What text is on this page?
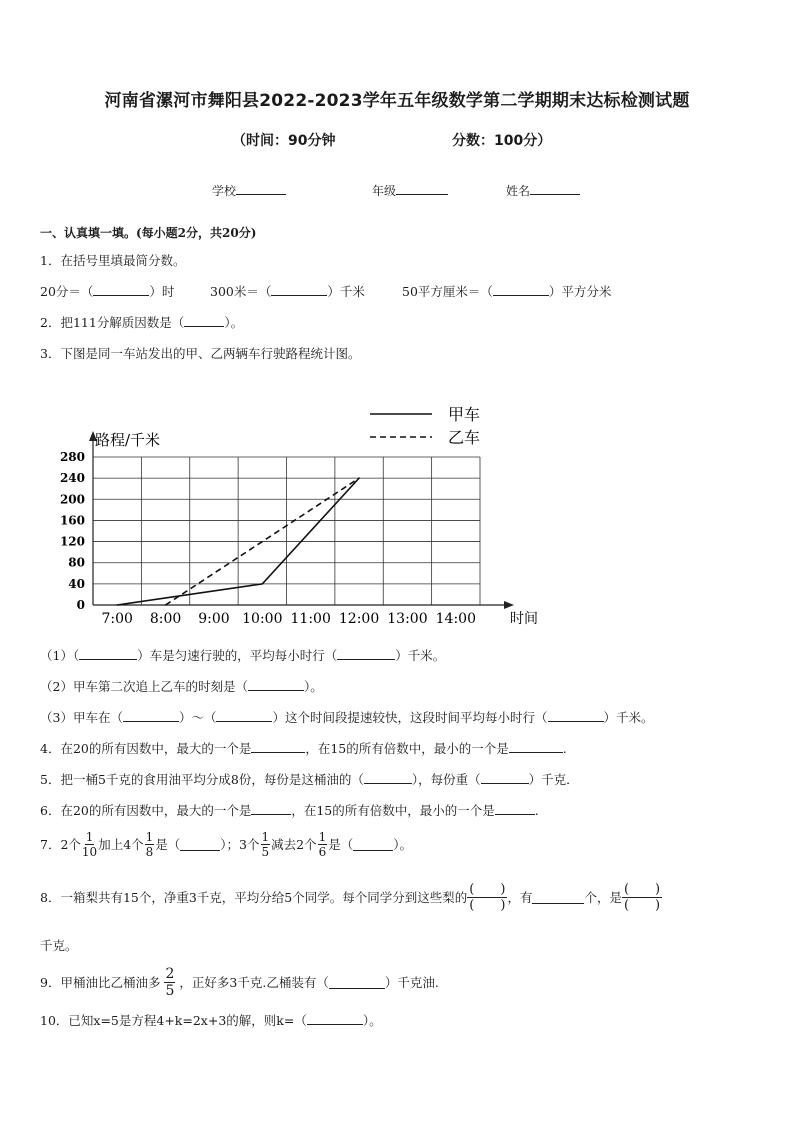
河南省漯河市舞阳县2022-2023学年五年级数学第二学期期末达标检测试题
（时间：90分钟	分数：100分）
学校	年级	姓名
一、认真填一填。(每小题2分，共20分)
1．在括号里填最简分数。
20分＝（	）时	300米＝（	）千米	50平方厘米＝（	）平方分米
2．把111分解质因数是（	）。
3．下图是同一车站发出的甲、乙两辆车行驶路程统计图。
0
40
80
120
160
200
240
280
7:00 8:00 9:00 10:00 11:00 12:00 13:00 14:00
路程/千米
时间
甲车
乙车
（1）（	）车是匀速行驶的，平均每小时行（	）千米。
（2）甲车第二次追上乙车的时刻是（	）。
（3）甲车在（	）～（	）这个时间段提速较快，这段时间平均每小时行（	）千米。
4．在20的所有因数中，最大的一个是	，在15的所有倍数中，最小的一个是	.
5．把一桶5千克的食用油平均分成8份，每份是这桶油的（	），每份重（	）千克．
6．在20的所有因数中，最大的一个是	，在15的所有倍数中，最小的一个是	.
7．2个 $\frac{1}{10}$ 加上4个 $\frac{1}{8}$ 是（	）；3个 $\frac{1}{5}$ 减去2个 $\frac{1}{6}$ 是（	）。
8．一箱梨共有15个，净重3千克，平均分给5个同学。每个同学分到这些梨的
(　　)
(　　) ，有	个，是
(　　)
(　　)
千克。
9．甲桶油比乙桶油多 $\frac{2}{5}$ ，正好多3千克.乙桶装有（	）千克油.
10．已知x=5是方程4+k=2x+3的解，则k=（	）。
